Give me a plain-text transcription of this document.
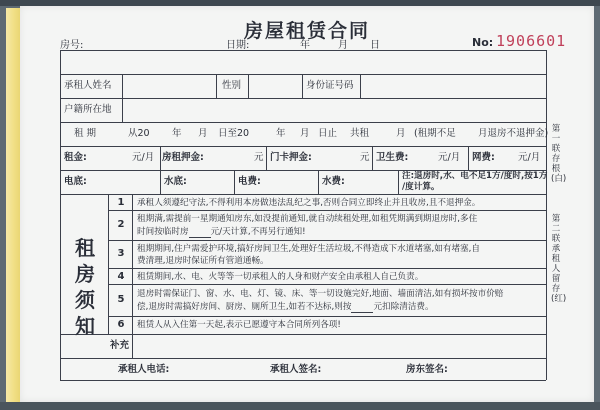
房屋租赁合同
房号:	日期:	年	月 日	No: 1906601
承租人姓名	性别	身份证号码
户籍所在地
租 期	从20 年 月 日至20	年 月 日止 共租	月 (租期不足 月退房不退押金)
租金:	元/月 房租押金:	元 门卡押金:	元 卫生费:	元/月 网费: 元/月
电底:	水底:	电费:	水费:	注:退房时,水、电不足1方/度时,按1方
/度计算。
租
房
须
知
1	承租人须遵纪守法,不得利用本房做违法乱纪之事,否则合同立即终止并且收房,且不退押金。
2	租期满,需提前一星期通知房东,如没提前通知,就自动续租处理,如租凭期满到期退房时,多住
时间按临时房	元/天计算,不再另行通知!
3	租期期间,住户需爱护环境,搞好房间卫生,处理好生活垃圾,不得造成下水道堵塞,如有堵塞,自
费清理,退房时保证所有管道通畅。
4	租赁期间,水、电、火等等一切承租人的人身和财产安全由承租人自己负责。
5	退房时需保证门、窗、水、电、灯、镜、床、等一切设施完好,地面、墙面清洁,如有损坏按市价赔
偿,退房时需搞好房间、厨房、厕所卫生,如若不达标,则按	元扣除清洁费。
6	租赁人从入住第一天起,表示已愿遵守本合同所列各项!
补充
承租人电话:	承租人签名:	房东签名:
第一联存根(白)
第二联承租人留存(红)
